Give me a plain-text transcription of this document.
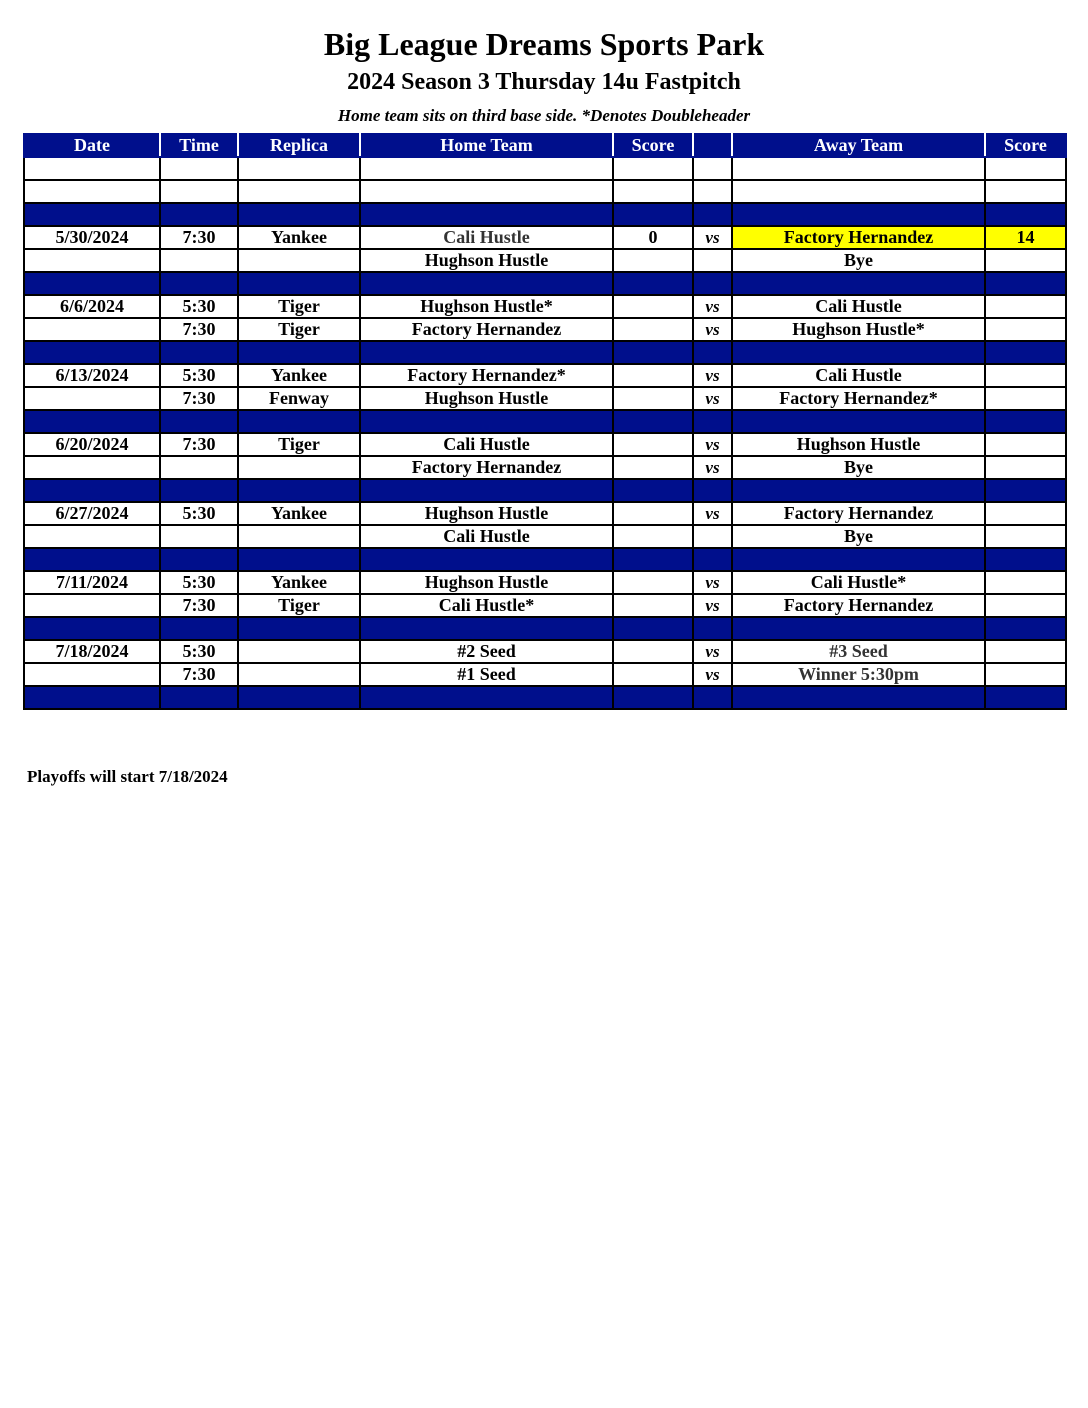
Big League Dreams Sports Park
2024 Season 3 Thursday 14u Fastpitch
Home team sits on third base side. *Denotes Doubleheader
Date	Time	Replica	Home Team	Score		Away Team	Score

5/30/2024	7:30	Yankee	Cali Hustle	0	vs	Factory Hernandez	14
			Hughson Hustle			Bye	

6/6/2024	5:30	Tiger	Hughson Hustle*		vs	Cali Hustle	
	7:30	Tiger	Factory Hernandez		vs	Hughson Hustle*	

6/13/2024	5:30	Yankee	Factory Hernandez*		vs	Cali Hustle	
	7:30	Fenway	Hughson Hustle		vs	Factory Hernandez*	

6/20/2024	7:30	Tiger	Cali Hustle		vs	Hughson Hustle	
			Factory Hernandez		vs	Bye	

6/27/2024	5:30	Yankee	Hughson Hustle		vs	Factory Hernandez	
			Cali Hustle			Bye	

7/11/2024	5:30	Yankee	Hughson Hustle		vs	Cali Hustle*	
	7:30	Tiger	Cali Hustle*		vs	Factory Hernandez	

7/18/2024	5:30		#2 Seed		vs	#3 Seed	
	7:30		#1 Seed		vs	Winner 5:30pm	

Playoffs will start 7/18/2024
